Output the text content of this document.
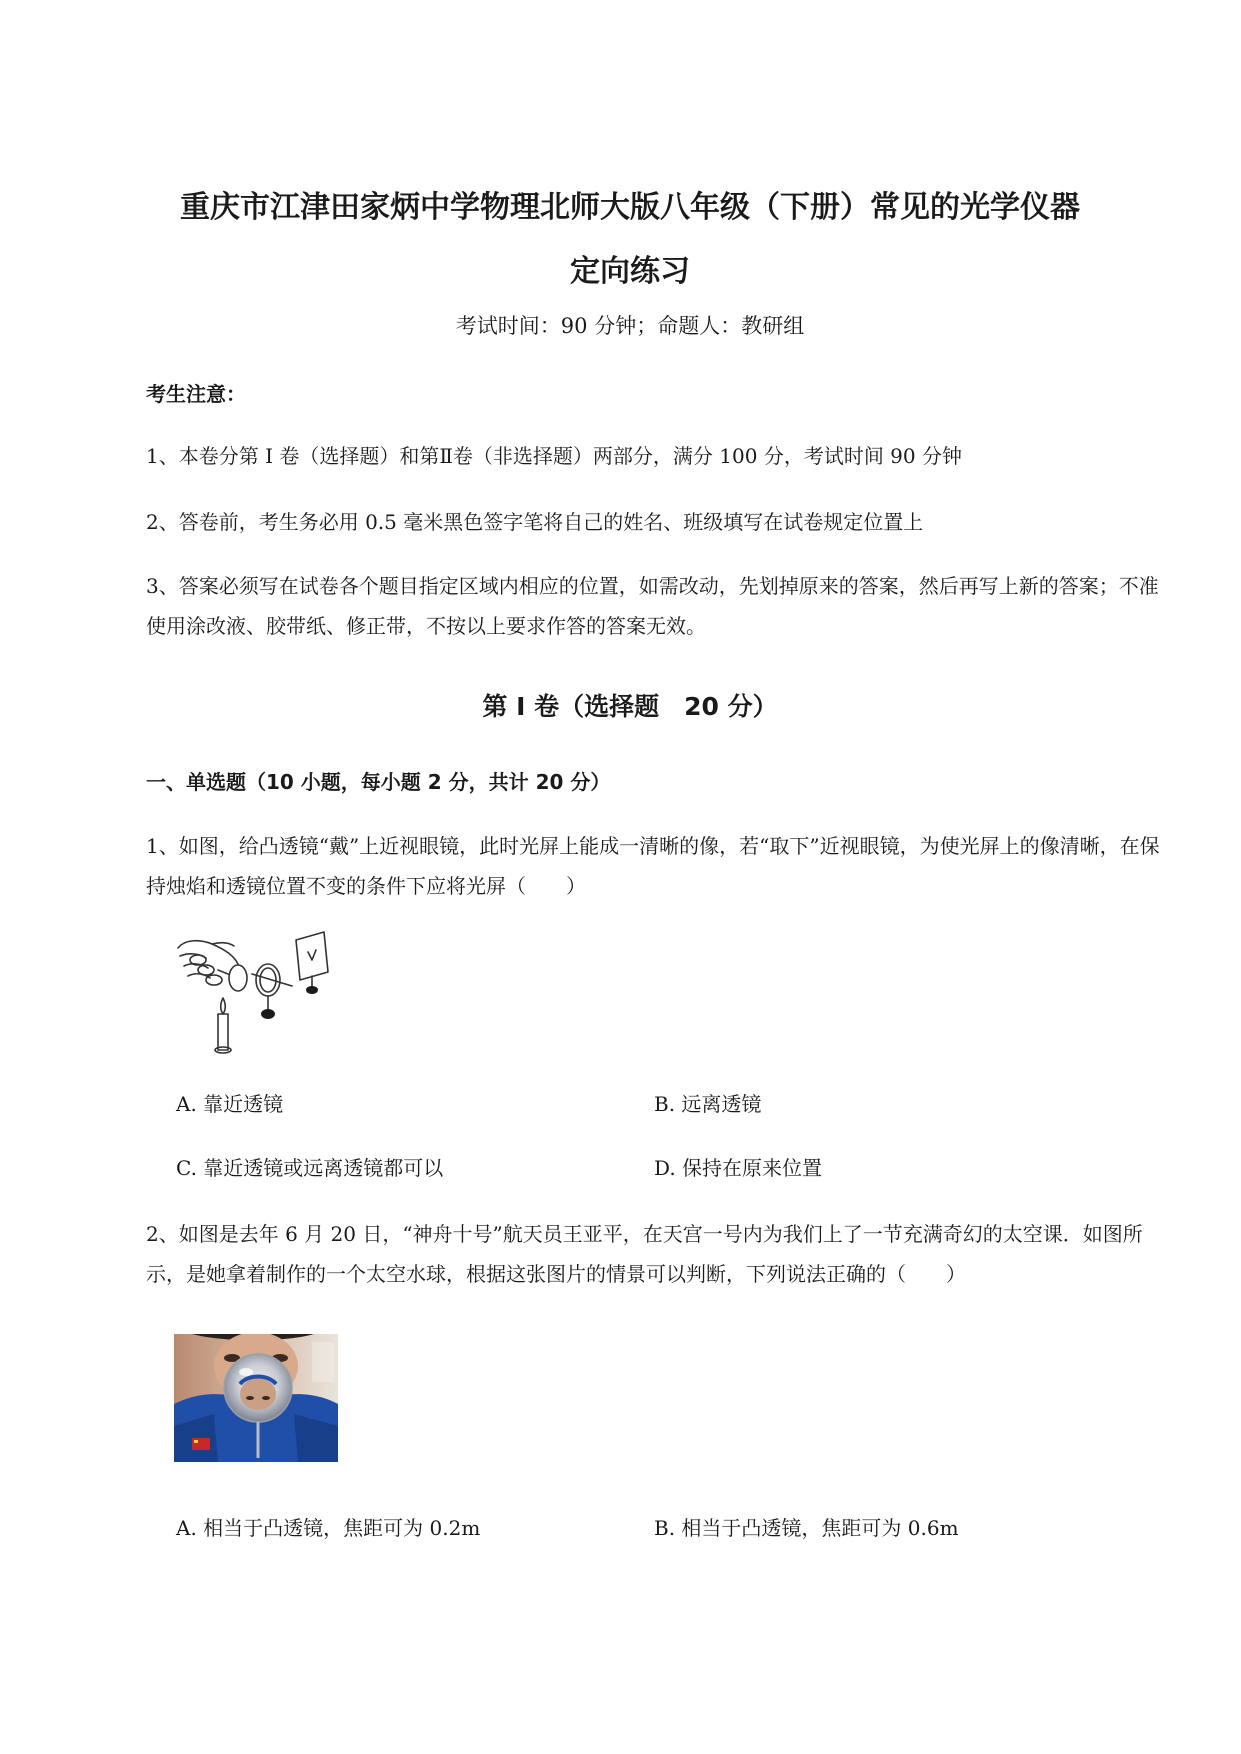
重庆市江津田家炳中学物理北师大版八年级（下册）常见的光学仪器
定向练习
考试时间：90 分钟；命题人：教研组
考生注意：
1、本卷分第 I 卷（选择题）和第Ⅱ卷（非选择题）两部分，满分 100 分，考试时间 90 分钟
2、答卷前，考生务必用 0.5 毫米黑色签字笔将自己的姓名、班级填写在试卷规定位置上
3、答案必须写在试卷各个题目指定区域内相应的位置，如需改动，先划掉原来的答案，然后再写上新的答案；不准使用涂改液、胶带纸、修正带，不按以上要求作答的答案无效。
第 I 卷（选择题　20 分）
一、单选题（10 小题，每小题 2 分，共计 20 分）
1、如图，给凸透镜“戴”上近视眼镜，此时光屏上能成一清晰的像，若“取下”近视眼镜，为使光屏上的像清晰，在保持烛焰和透镜位置不变的条件下应将光屏（　　）
A. 靠近透镜	B. 远离透镜
C. 靠近透镜或远离透镜都可以	D. 保持在原来位置
2、如图是去年 6 月 20 日，“神舟十号”航天员王亚平，在天宫一号内为我们上了一节充满奇幻的太空课．如图所示，是她拿着制作的一个太空水球，根据这张图片的情景可以判断，下列说法正确的（　　）
A. 相当于凸透镜，焦距可为 0.2m	B. 相当于凸透镜，焦距可为 0.6m
